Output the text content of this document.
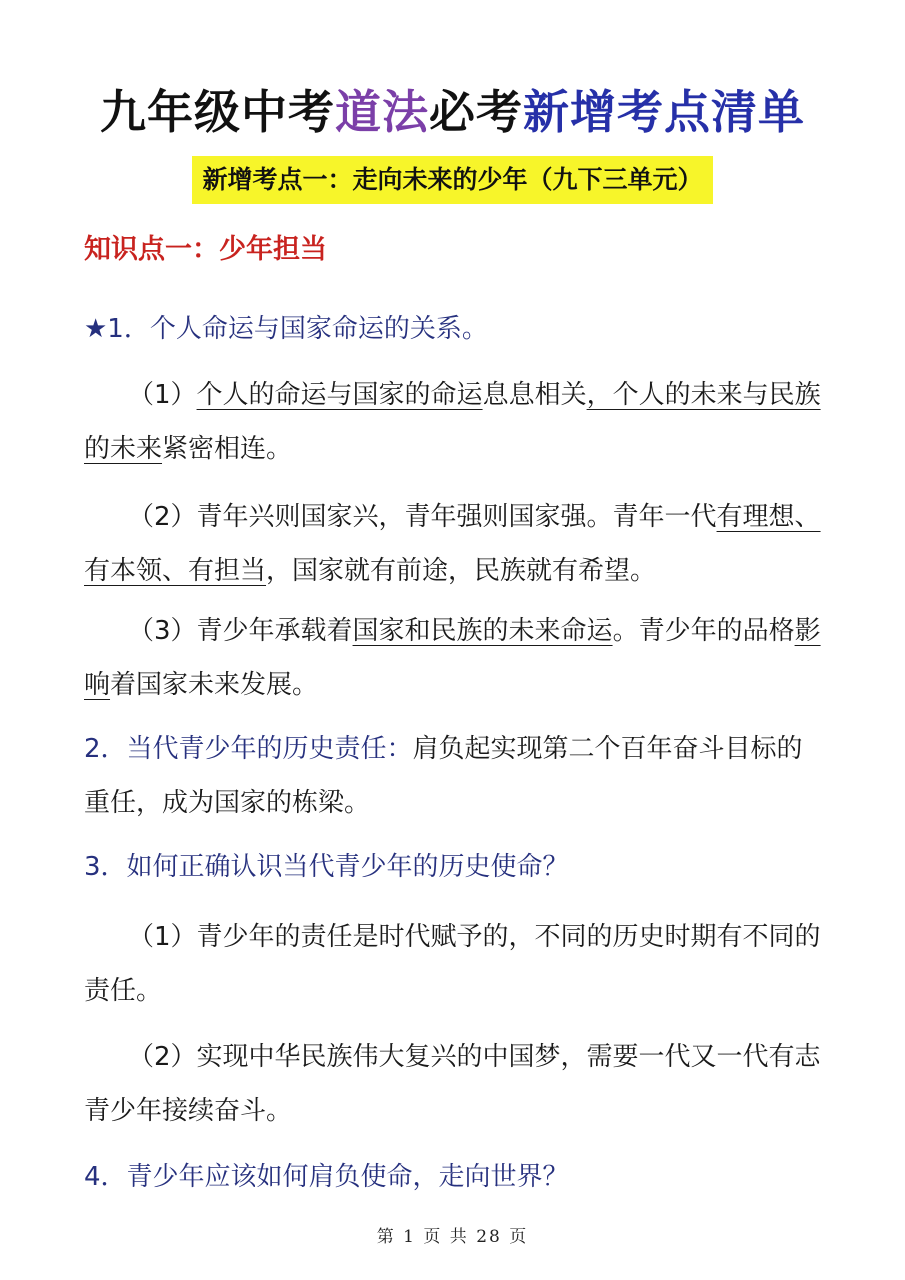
九年级中考道法必考新增考点清单
新增考点一：走向未来的少年（九下三单元）
知识点一：少年担当
★1．个人命运与国家命运的关系。
（1）个人的命运与国家的命运息息相关，个人的未来与民族的未来紧密相连。
（2）青年兴则国家兴，青年强则国家强。青年一代有理想、有本领、有担当，国家就有前途，民族就有希望。
（3）青少年承载着国家和民族的未来命运。青少年的品格影响着国家未来发展。
2．当代青少年的历史责任：肩负起实现第二个百年奋斗目标的重任，成为国家的栋梁。
3．如何正确认识当代青少年的历史使命？
（1）青少年的责任是时代赋予的，不同的历史时期有不同的责任。
（2）实现中华民族伟大复兴的中国梦，需要一代又一代有志青少年接续奋斗。
4．青少年应该如何肩负使命，走向世界？
第 1 页 共 28 页
